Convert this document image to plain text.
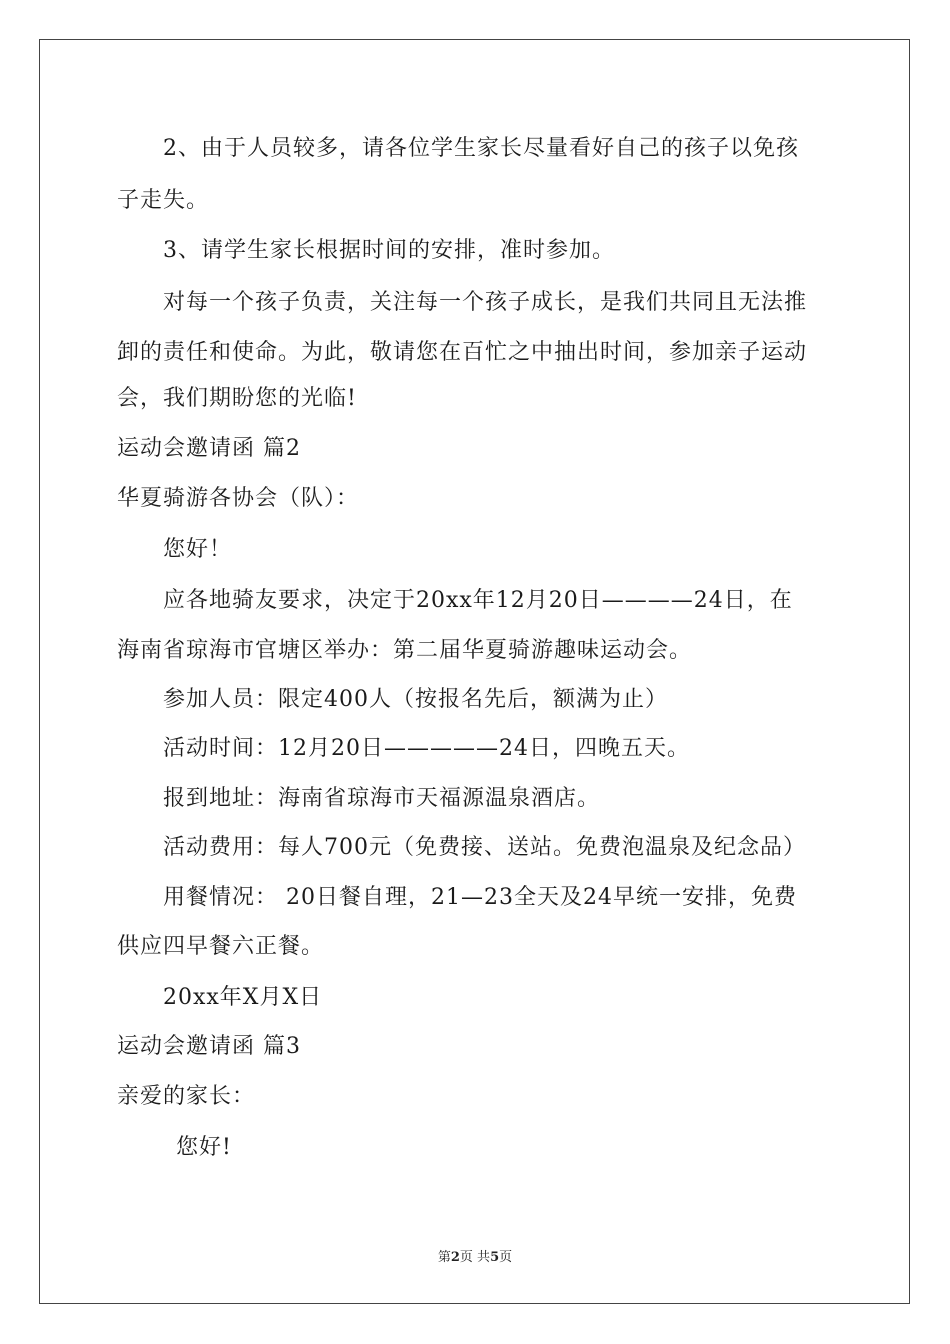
2、由于人员较多，请各位学生家长尽量看好自己的孩子以免孩
子走失。
3、请学生家长根据时间的安排，准时参加。
对每一个孩子负责，关注每一个孩子成长，是我们共同且无法推
卸的责任和使命。为此，敬请您在百忙之中抽出时间，参加亲子运动
会，我们期盼您的光临!
运动会邀请函 篇2
华夏骑游各协会（队）：
您好！
应各地骑友要求，决定于20xx年12月20日————24日，在
海南省琼海市官塘区举办：第二届华夏骑游趣味运动会。
参加人员：限定400人（按报名先后，额满为止）
活动时间：12月20日—————24日，四晚五天。
报到地址：海南省琼海市天福源温泉酒店。
活动费用：每人700元（免费接、送站。免费泡温泉及纪念品）
用餐情况： 20日餐自理，21—23全天及24早统一安排，免费
供应四早餐六正餐。
20xx年X月X日
运动会邀请函 篇3
亲爱的家长：
您好!
第2页 共5页
